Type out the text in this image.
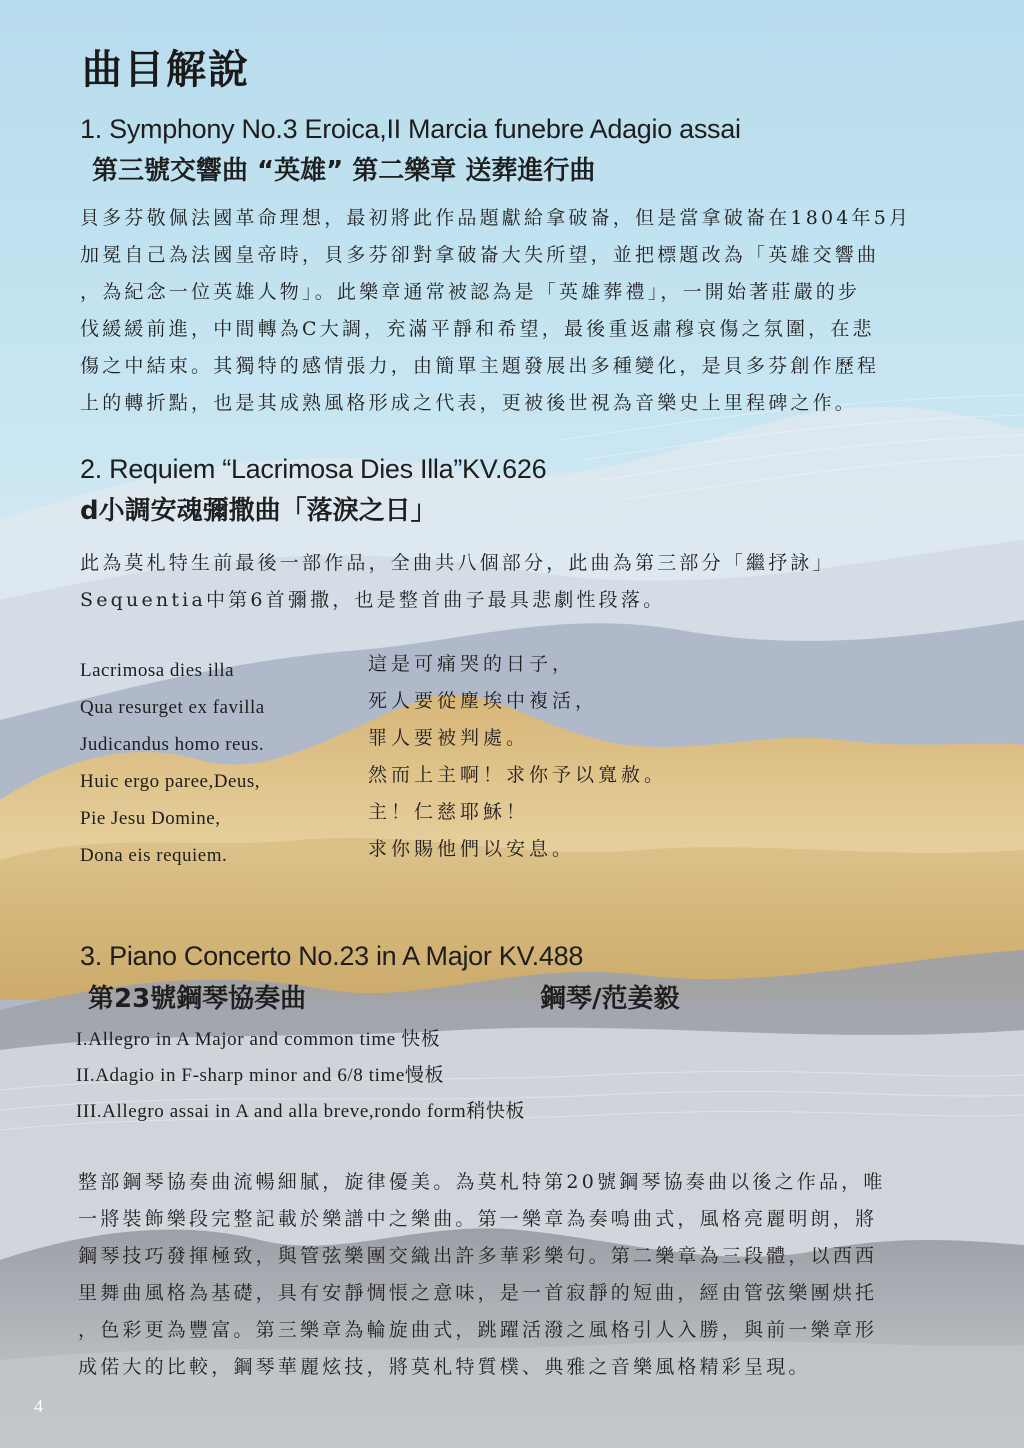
曲目解說
1. Symphony No.3 Eroica,II Marcia funebre Adagio assai
第三號交響曲 “英雄” 第二樂章 送葬進行曲
貝多芬敬佩法國革命理想，最初將此作品題獻給拿破崙，但是當拿破崙在1804年5月
加冕自己為法國皇帝時，貝多芬卻對拿破崙大失所望，並把標題改為「英雄交響曲
，為紀念一位英雄人物」。此樂章通常被認為是「英雄葬禮」，一開始著莊嚴的步
伐緩緩前進，中間轉為C大調，充滿平靜和希望，最後重返肅穆哀傷之氛圍，在悲
傷之中結束。其獨特的感情張力，由簡單主題發展出多種變化，是貝多芬創作歷程
上的轉折點，也是其成熟風格形成之代表，更被後世視為音樂史上里程碑之作。
2. Requiem “Lacrimosa Dies Illa”KV.626
d小調安魂彌撒曲「落淚之日」
此為莫札特生前最後一部作品，全曲共八個部分，此曲為第三部分「繼抒詠」
Sequentia中第6首彌撒，也是整首曲子最具悲劇性段落。
Lacrimosa dies illa
Qua resurget ex favilla
Judicandus homo reus.
Huic ergo paree,Deus,
Pie Jesu Domine,
Dona eis requiem.
這是可痛哭的日子，
死人要從塵埃中複活，
罪人要被判處。
然而上主啊！求你予以寬赦。
主！仁慈耶穌！
求你賜他們以安息。
3. Piano Concerto No.23 in A Major KV.488
第23號鋼琴協奏曲	鋼琴/范姜毅
I.Allegro in A Major and common time 快板
II.Adagio in F-sharp minor and 6/8 time慢板
III.Allegro assai in A and alla breve,rondo form稍快板
整部鋼琴協奏曲流暢細膩，旋律優美。為莫札特第20號鋼琴協奏曲以後之作品，唯
一將裝飾樂段完整記載於樂譜中之樂曲。第一樂章為奏鳴曲式，風格亮麗明朗，將
鋼琴技巧發揮極致，與管弦樂團交織出許多華彩樂句。第二樂章為三段體，以西西
里舞曲風格為基礎，具有安靜惆悵之意味，是一首寂靜的短曲，經由管弦樂團烘托
，色彩更為豐富。第三樂章為輪旋曲式，跳躍活潑之風格引人入勝，與前一樂章形
成偌大的比較，鋼琴華麗炫技，將莫札特質樸、典雅之音樂風格精彩呈現。
4
